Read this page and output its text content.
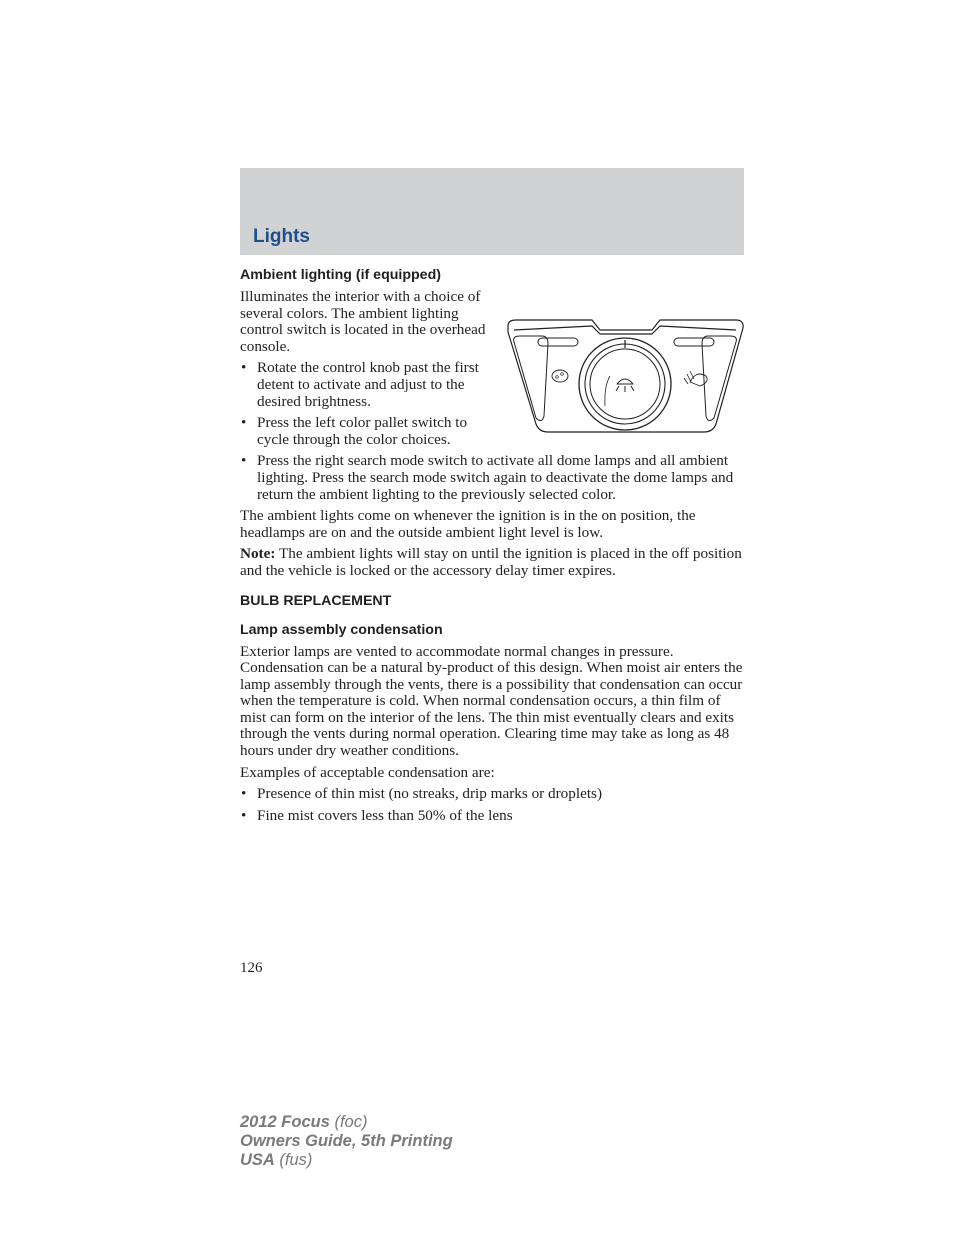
Lights
Ambient lighting (if equipped)

Illuminates the interior with a choice of several colors. The ambient lighting control switch is located in the overhead console.

• Rotate the control knob past the first detent to activate and adjust to the desired brightness.
• Press the left color pallet switch to cycle through the color choices.
• Press the right search mode switch to activate all dome lamps and all ambient lighting. Press the search mode switch again to deactivate the dome lamps and return the ambient lighting to the previously selected color.

The ambient lights come on whenever the ignition is in the on position, the headlamps are on and the outside ambient light level is low.

Note: The ambient lights will stay on until the ignition is placed in the off position and the vehicle is locked or the accessory delay timer expires.

BULB REPLACEMENT
Lamp assembly condensation

Exterior lamps are vented to accommodate normal changes in pressure. Condensation can be a natural by-product of this design. When moist air enters the lamp assembly through the vents, there is a possibility that condensation can occur when the temperature is cold. When normal condensation occurs, a thin film of mist can form on the interior of the lens. The thin mist eventually clears and exits through the vents during normal operation. Clearing time may take as long as 48 hours under dry weather conditions.

Examples of acceptable condensation are:

• Presence of thin mist (no streaks, drip marks or droplets)
• Fine mist covers less than 50% of the lens
126
2012 Focus (foc)
Owners Guide, 5th Printing
USA (fus)
